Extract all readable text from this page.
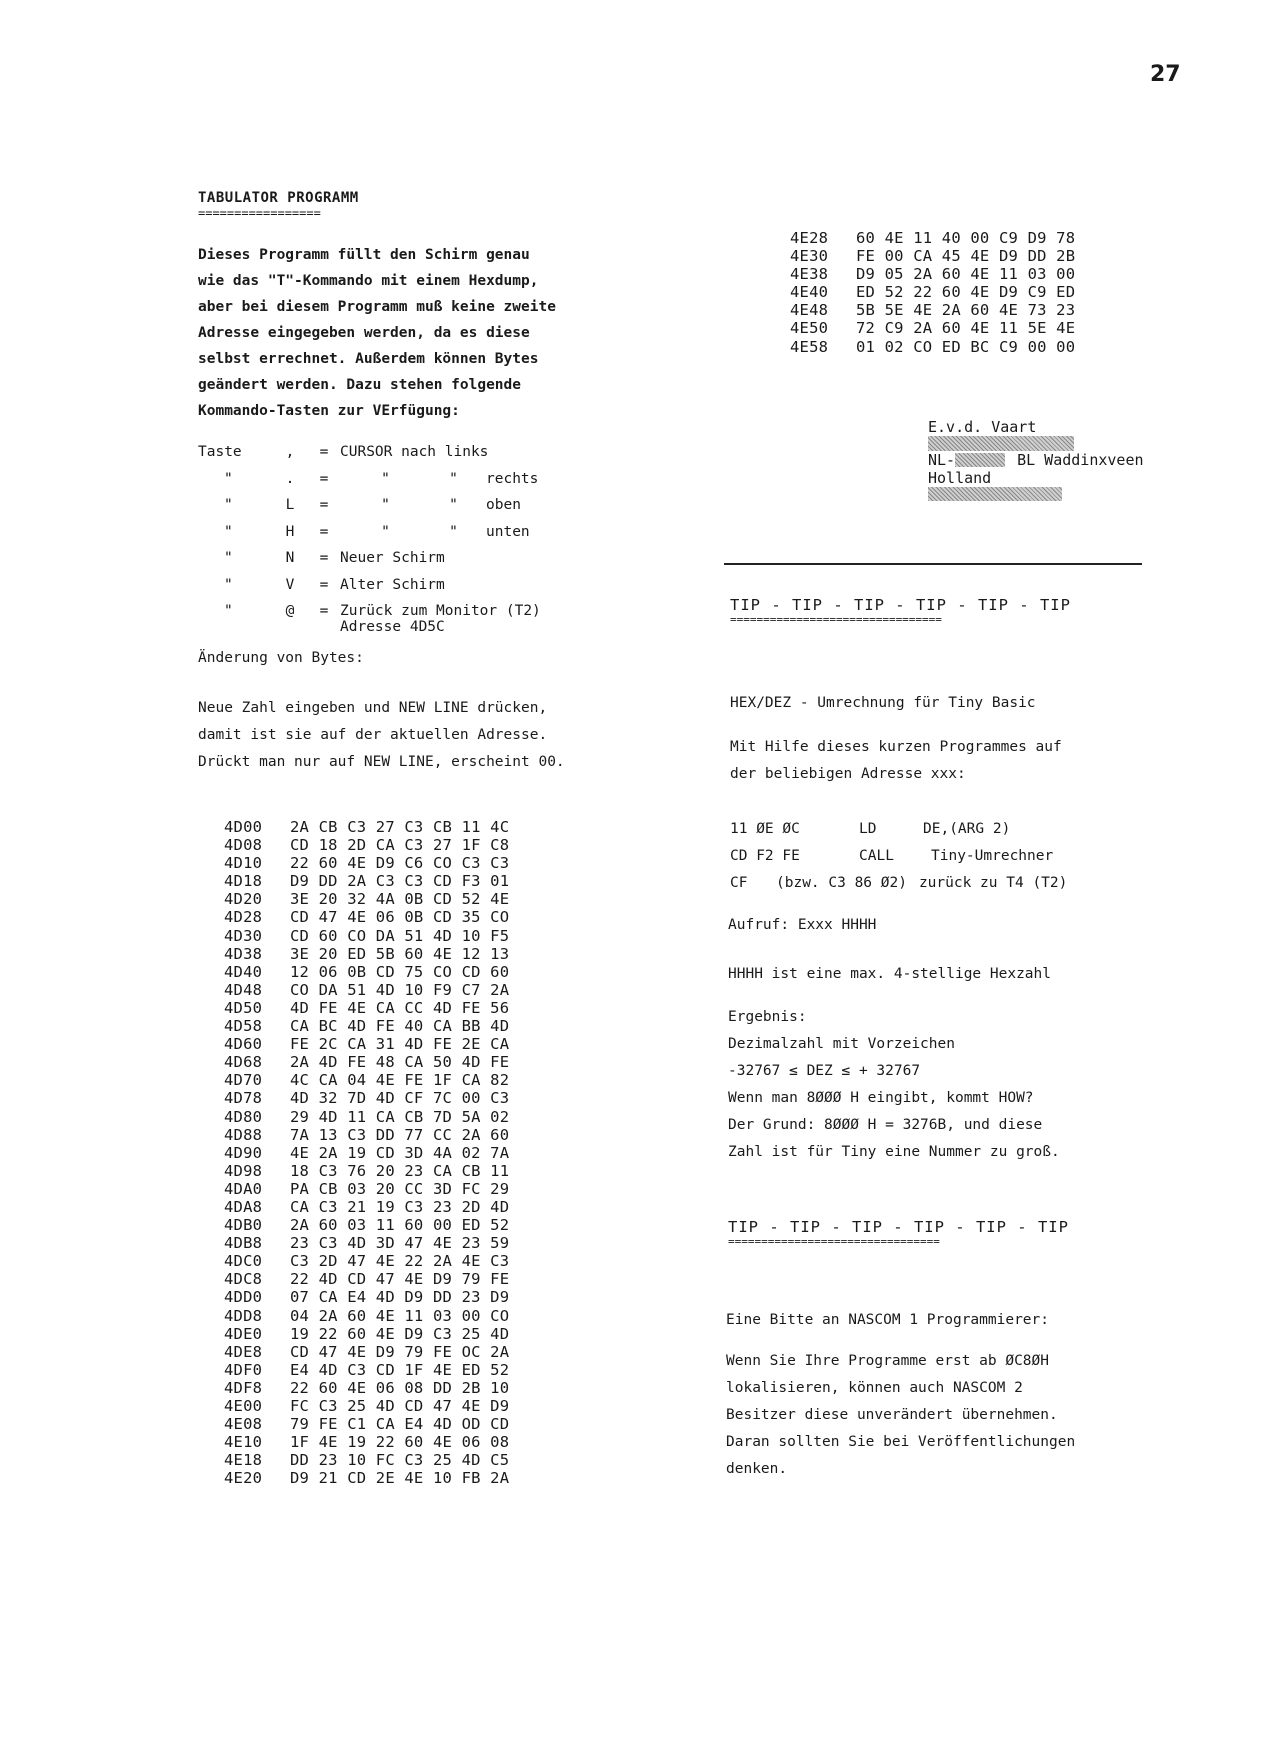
27
TABULATOR PROGRAMM
=================
Dieses Programm füllt den Schirm genau
wie das "T"-Kommando mit einem Hexdump,
aber bei diesem Programm muß keine zweite
Adresse eingegeben werden, da es diese
selbst errechnet. Außerdem können Bytes
geändert werden. Dazu stehen folgende
Kommando-Tasten zur VErfügung:
Taste	,	= CURSOR nach links
"	.	=	"	"	rechts
"	L	=	"	"	oben
"	H	=	"	"	unten
"	N	= Neuer Schirm
"	V	= Alter Schirm
"	@	= Zurück zum Monitor (T2)
Adresse 4D5C
Änderung von Bytes:
Neue Zahl eingeben und NEW LINE drücken,
damit ist sie auf der aktuellen Adresse.
Drückt man nur auf NEW LINE, erscheint 00.
4D00	2A CB C3 27 C3 CB 11 4C
4D08	CD 18 2D CA C3 27 1F C8
4D10	22 60 4E D9 C6 CO C3 C3
4D18	D9 DD 2A C3 C3 CD F3 01
4D20	3E 20 32 4A 0B CD 52 4E
4D28	CD 47 4E 06 0B CD 35 CO
4D30	CD 60 CO DA 51 4D 10 F5
4D38	3E 20 ED 5B 60 4E 12 13
4D40	12 06 0B CD 75 CO CD 60
4D48	CO DA 51 4D 10 F9 C7 2A
4D50	4D FE 4E CA CC 4D FE 56
4D58	CA BC 4D FE 40 CA BB 4D
4D60	FE 2C CA 31 4D FE 2E CA
4D68	2A 4D FE 48 CA 50 4D FE
4D70	4C CA 04 4E FE 1F CA 82
4D78	4D 32 7D 4D CF 7C 00 C3
4D80	29 4D 11 CA CB 7D 5A 02
4D88	7A 13 C3 DD 77 CC 2A 60
4D90	4E 2A 19 CD 3D 4A 02 7A
4D98	18 C3 76 20 23 CA CB 11
4DA0	PA CB 03 20 CC 3D FC 29
4DA8	CA C3 21 19 C3 23 2D 4D
4DB0	2A 60 03 11 60 00 ED 52
4DB8	23 C3 4D 3D 47 4E 23 59
4DC0	C3 2D 47 4E 22 2A 4E C3
4DC8	22 4D CD 47 4E D9 79 FE
4DD0	07 CA E4 4D D9 DD 23 D9
4DD8	04 2A 60 4E 11 03 00 CO
4DE0	19 22 60 4E D9 C3 25 4D
4DE8	CD 47 4E D9 79 FE OC 2A
4DF0	E4 4D C3 CD 1F 4E ED 52
4DF8	22 60 4E 06 08 DD 2B 10
4E00	FC C3 25 4D CD 47 4E D9
4E08	79 FE C1 CA E4 4D OD CD
4E10	1F 4E 19 22 60 4E 06 08
4E18	DD 23 10 FC C3 25 4D C5
4E20	D9 21 CD 2E 4E 10 FB 2A
4E28	60 4E 11 40 00 C9 D9 78
4E30	FE 00 CA 45 4E D9 DD 2B
4E38	D9 05 2A 60 4E 11 03 00
4E40	ED 52 22 60 4E D9 C9 ED
4E48	5B 5E 4E 2A 60 4E 73 23
4E50	72 C9 2A 60 4E 11 5E 4E
4E58	01 02 CO ED BC C9 00 00
E.v.d. Vaart
NL-	BL Waddinxveen
Holland
TIP - TIP - TIP - TIP - TIP - TIP
================================
HEX/DEZ - Umrechnung für Tiny Basic
Mit Hilfe dieses kurzen Programmes auf
der beliebigen Adresse xxx:
11 ØE ØC	LD	DE,(ARG 2)
CD F2 FE	CALL	Tiny-Umrechner
CF	(bzw. C3 86 Ø2) zurück zu T4 (T2)
Aufruf: Exxx HHHH
HHHH ist eine max. 4-stellige Hexzahl
Ergebnis:
Dezimalzahl mit Vorzeichen
-32767 ≤ DEZ ≤ + 32767
Wenn man 8ØØØ H eingibt, kommt HOW?
Der Grund: 8ØØØ H = 3276B, und diese
Zahl ist für Tiny eine Nummer zu groß.
TIP - TIP - TIP - TIP - TIP - TIP
================================
Eine Bitte an NASCOM 1 Programmierer:
Wenn Sie Ihre Programme erst ab ØC8ØH
lokalisieren, können auch NASCOM 2
Besitzer diese unverändert übernehmen.
Daran sollten Sie bei Veröffentlichungen
denken.
